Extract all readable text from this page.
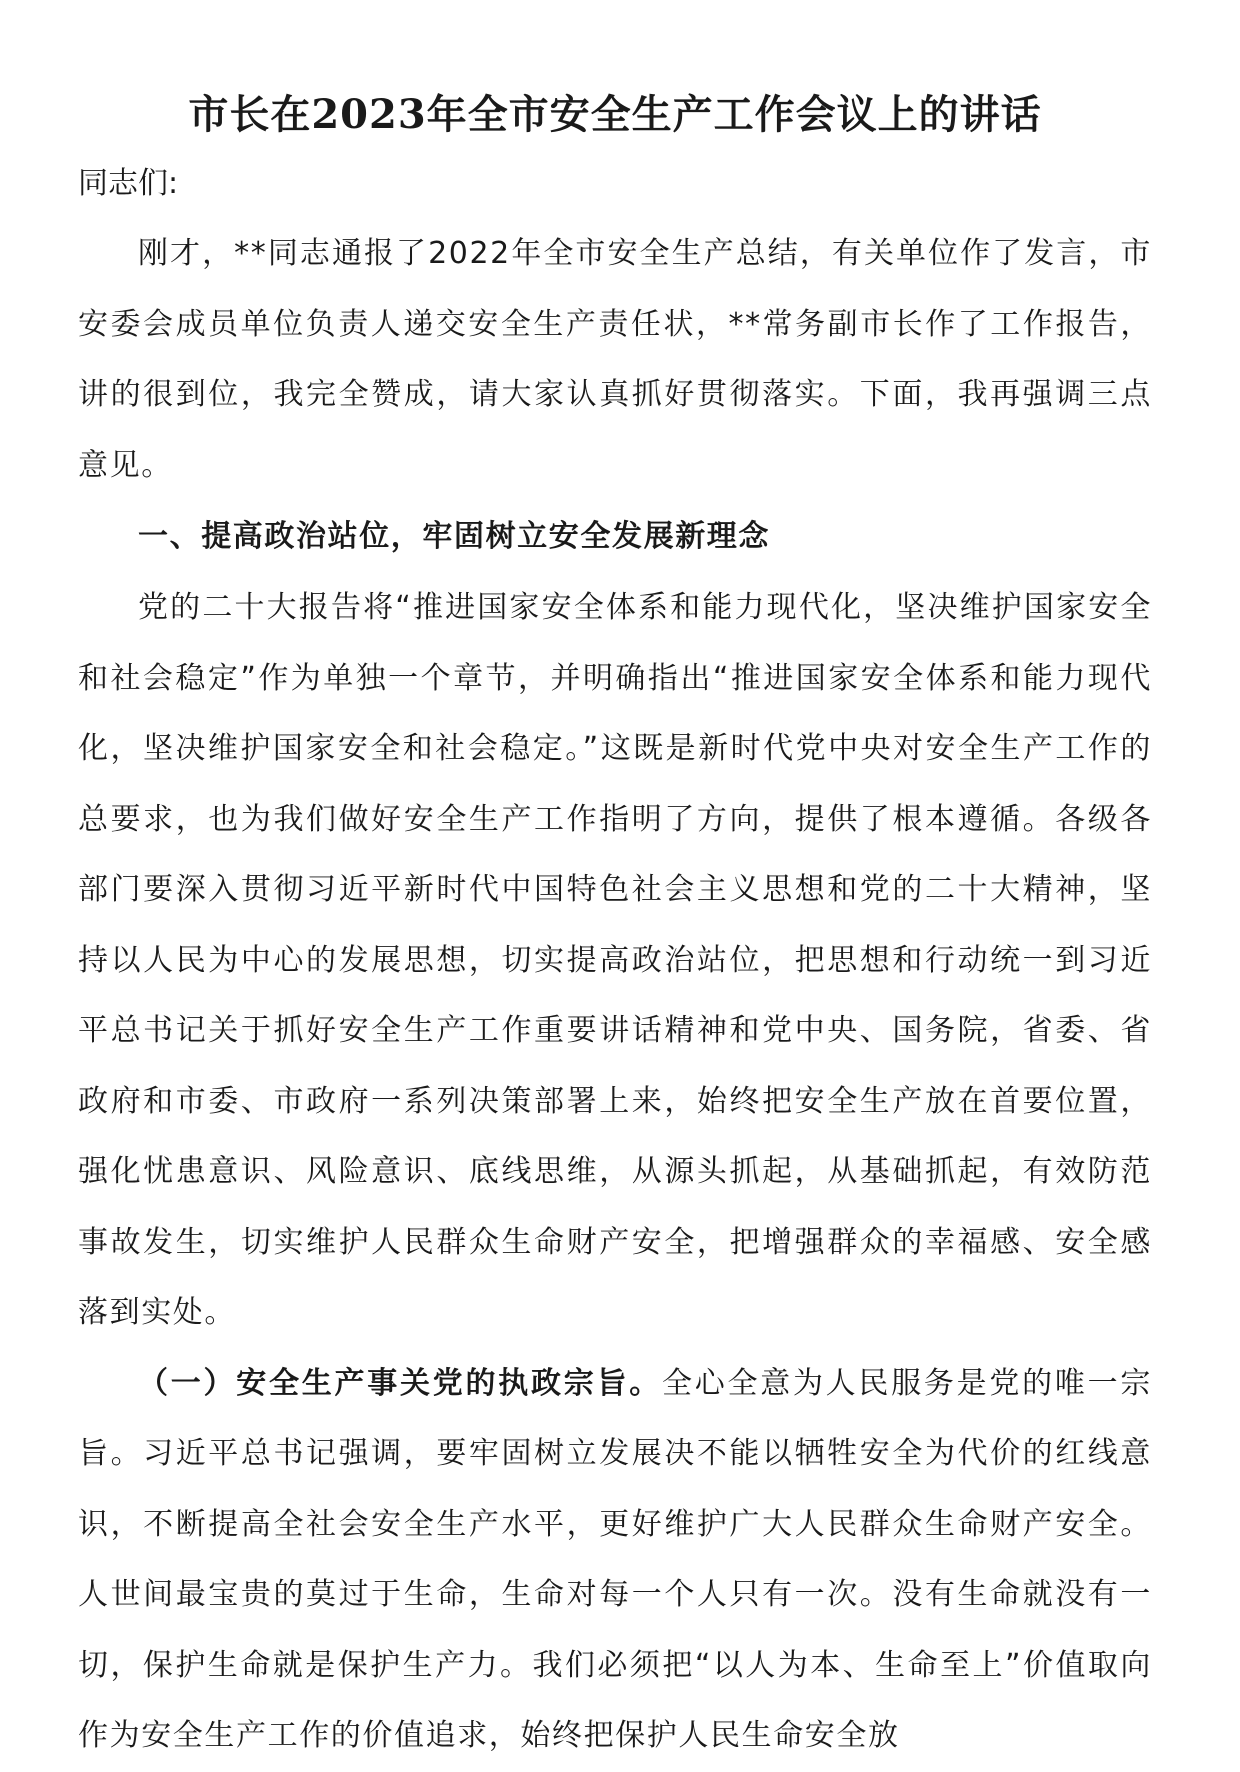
市长在2023年全市安全生产工作会议上的讲话

同志们:

刚才，**同志通报了2022年全市安全生产总结，有关单位作了发言，市安委会成员单位负责人递交安全生产责任状，**常务副市长作了工作报告，讲的很到位，我完全赞成，请大家认真抓好贯彻落实。下面，我再强调三点意见。

一、提高政治站位，牢固树立安全发展新理念

党的二十大报告将“推进国家安全体系和能力现代化，坚决维护国家安全和社会稳定”作为单独一个章节，并明确指出“推进国家安全体系和能力现代化，坚决维护国家安全和社会稳定。”这既是新时代党中央对安全生产工作的总要求，也为我们做好安全生产工作指明了方向，提供了根本遵循。各级各部门要深入贯彻习近平新时代中国特色社会主义思想和党的二十大精神，坚持以人民为中心的发展思想，切实提高政治站位，把思想和行动统一到习近平总书记关于抓好安全生产工作重要讲话精神和党中央、国务院，省委、省政府和市委、市政府一系列决策部署上来，始终把安全生产放在首要位置，强化忧患意识、风险意识、底线思维，从源头抓起，从基础抓起，有效防范事故发生，切实维护人民群众生命财产安全，把增强群众的幸福感、安全感落到实处。

（一）安全生产事关党的执政宗旨。全心全意为人民服务是党的唯一宗旨。习近平总书记强调，要牢固树立发展决不能以牺牲安全为代价的红线意识，不断提高全社会安全生产水平，更好维护广大人民群众生命财产安全。人世间最宝贵的莫过于生命，生命对每一个人只有一次。没有生命就没有一切，保护生命就是保护生产力。我们必须把“以人为本、生命至上”价值取向作为安全生产工作的价值追求，始终把保护人民生命安全放
